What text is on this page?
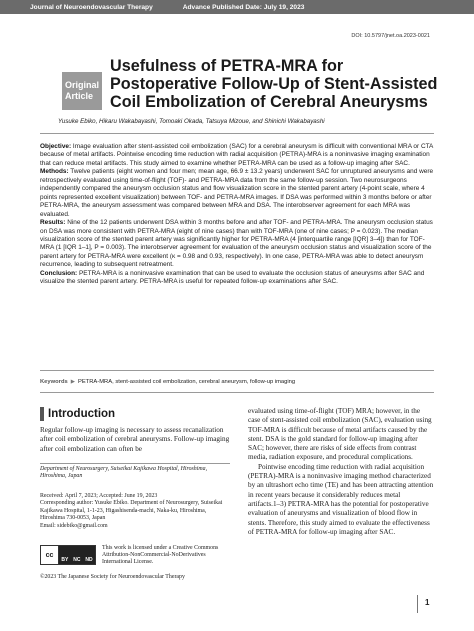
Journal of Neuroendovascular Therapy	Advance Published Date: July 19, 2023
DOI: 10.5797/jnet.oa.2023-0021
Original
Article
Usefulness of PETRA-MRA for
Postoperative Follow-Up of Stent-Assisted
Coil Embolization of Cerebral Aneurysms
Yusuke Ebiko, Hikaru Wakabayashi, Tomoaki Okada, Tatsuya Mizoue, and Shinichi Wakabayashi

Objective: Image evaluation after stent-assisted coil embolization (SAC) for a cerebral aneurysm is difficult with conventional MRA or CTA because of metal artifacts. Pointwise encoding time reduction with radial acquisition (PETRA)-MRA is a noninvasive imaging examination that can reduce metal artifacts. This study aimed to examine whether PETRA-MRA can be used as a follow-up imaging after SAC.

Methods: Twelve patients (eight women and four men; mean age, 66.9 ± 13.2 years) underwent SAC for unruptured aneurysms and were retrospectively evaluated using time-of-flight (TOF)- and PETRA-MRA data from the same follow-up session. Two neurosurgeons independently compared the aneurysm occlusion status and flow visualization score in the stented parent artery (4-point scale, where 4 points represented excellent visualization) between TOF- and PETRA-MRA images. If DSA was performed within 3 months before or after PETRA-MRA, the aneurysm assessment was compared between MRA and DSA. The interobserver agreement for each MRA was evaluated.

Results: Nine of the 12 patients underwent DSA within 3 months before and after TOF- and PETRA-MRA. The aneurysm occlusion status on DSA was more consistent with PETRA-MRA (eight of nine cases) than with TOF-MRA (one of nine cases; P = 0.023). The median visualization score of the stented parent artery was significantly higher for PETRA-MRA (4 [interquartile range [IQR] 3–4]) than for TOF-MRA (1 [IQR 1–1], P = 0.003). The interobserver agreement for evaluation of the aneurysm occlusion status and visualization score of the parent artery for PETRA-MRA were excellent (κ = 0.98 and 0.93, respectively). In one case, PETRA-MRA was able to detect aneurysm recurrence, leading to subsequent retreatment.

Conclusion: PETRA-MRA is a noninvasive examination that can be used to evaluate the occlusion status of aneurysms after SAC and visualize the stented parent artery. PETRA-MRA is useful for repeated follow-up examinations after SAC.

Keywords ▶ PETRA-MRA, stent-assisted coil embolization, cerebral aneurysm, follow-up imaging
Introduction

Regular follow-up imaging is necessary to assess recanalization after coil embolization of cerebral aneurysms. Follow-up imaging after coil embolization can often be

Department of Neurosurgery, Suiseikai Kajikawa Hospital, Hiroshima, Hiroshima, Japan

Received: April 7, 2023; Accepted: June 19, 2023

Corresponding author: Yusuke Ebiko. Department of Neurosurgery, Suiseikai Kajikawa Hospital, 1-1-23, Higashisenda-machi, Naka-ku, Hiroshima, Hiroshima 730-0053, Japan

Email: sidebiko@gmail.com

cc
BY NC ND

This work is licensed under a Creative Commons Attribution-NonCommercial-NoDerivatives International License.

©2023 The Japanese Society for Neuroendovascular Therapy

evaluated using time-of-flight (TOF) MRA; however, in the case of stent-assisted coil embolization (SAC), evaluation using TOF-MRA is difficult because of metal artifacts caused by the stent. DSA is the gold standard for follow-up imaging after SAC; however, there are risks of side effects from contrast media, radiation exposure, and procedural complications.

Pointwise encoding time reduction with radial acquisition (PETRA)-MRA is a noninvasive imaging method characterized by an ultrashort echo time (TE) and has been attracting attention in recent years because it considerably reduces metal artifacts.1–3) PETRA-MRA has the potential for postoperative evaluation of aneurysms and visualization of blood flow in stents. Therefore, this study aimed to evaluate the effectiveness of PETRA-MRA for follow-up imaging after SAC.

1
